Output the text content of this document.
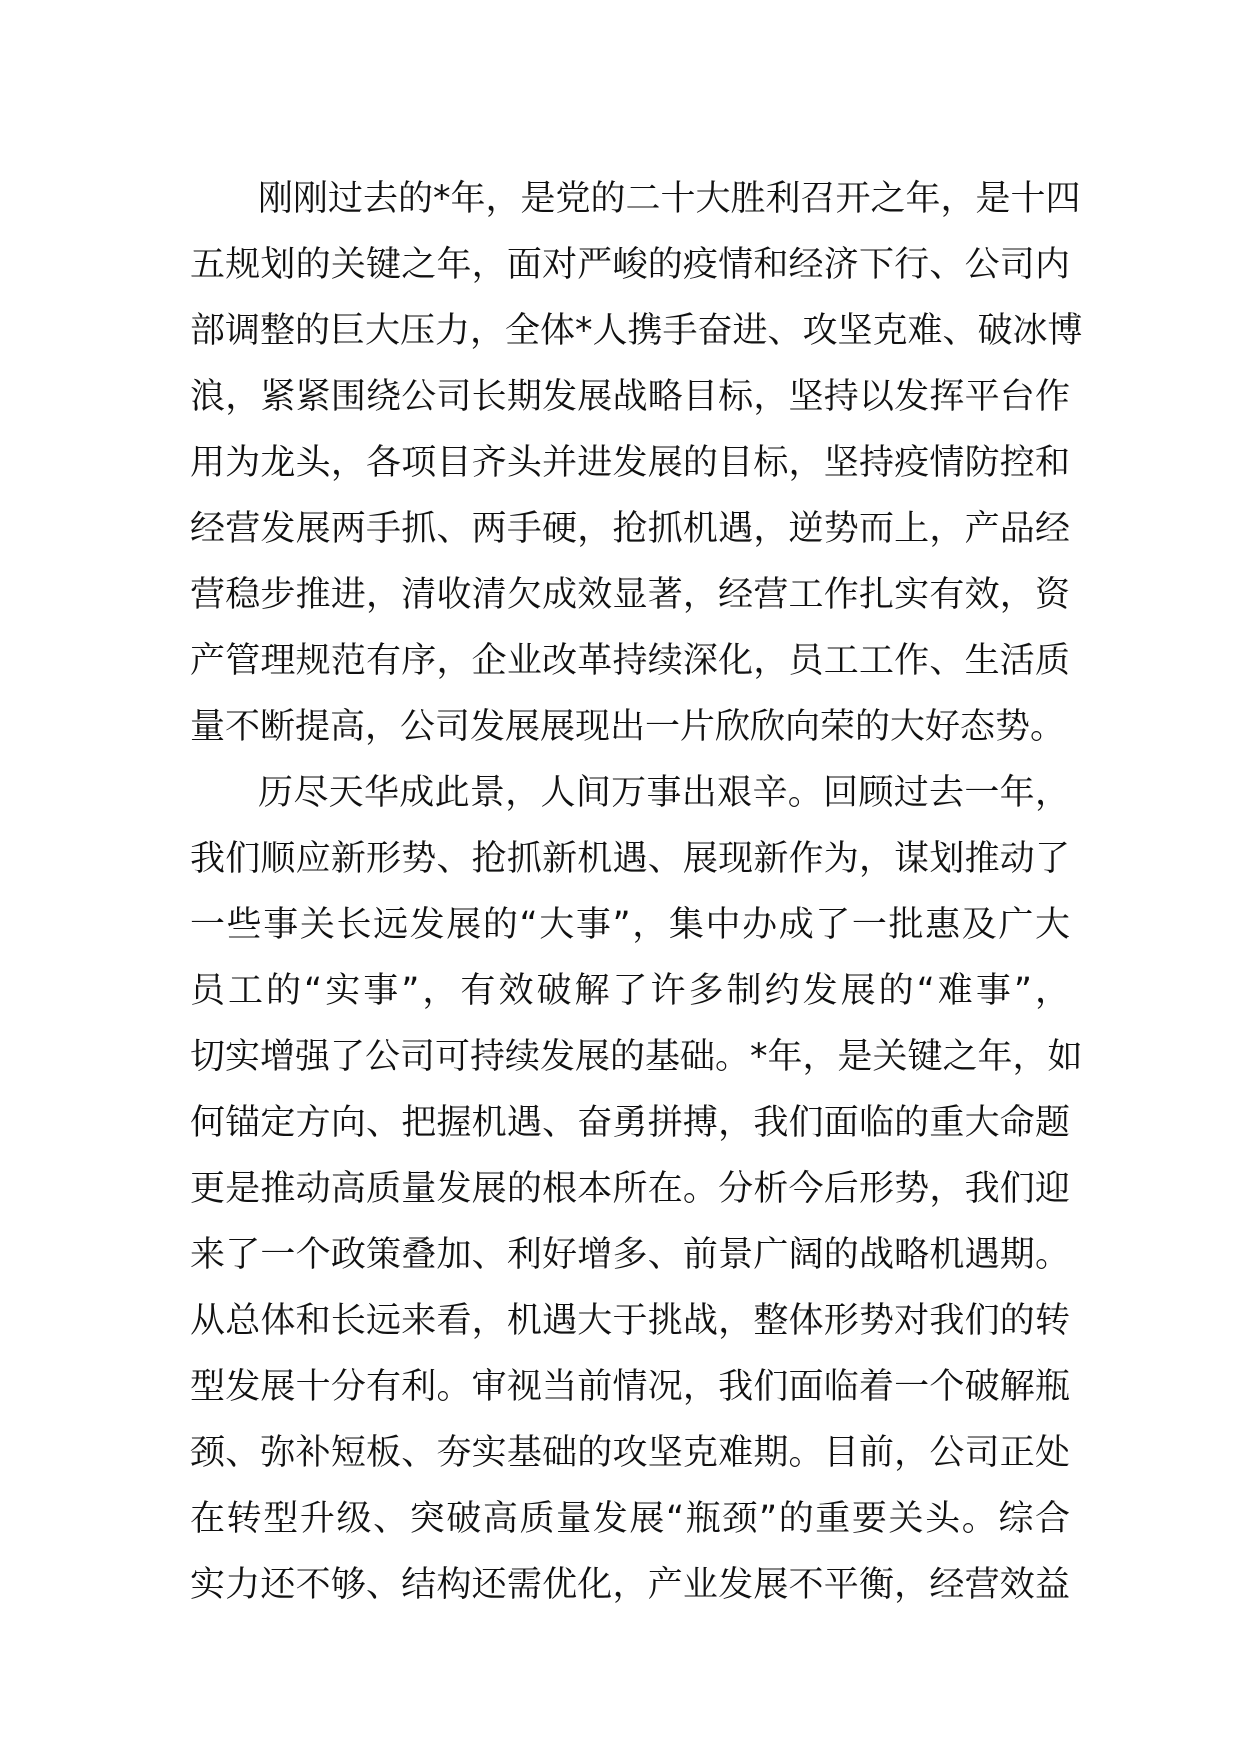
刚刚过去的*年，是党的二十大胜利召开之年，是十四
五规划的关键之年，面对严峻的疫情和经济下行、公司内
部调整的巨大压力，全体*人携手奋进、攻坚克难、破冰博
浪，紧紧围绕公司长期发展战略目标，坚持以发挥平台作
用为龙头，各项目齐头并进发展的目标，坚持疫情防控和
经营发展两手抓、两手硬，抢抓机遇，逆势而上，产品经
营稳步推进，清收清欠成效显著，经营工作扎实有效，资
产管理规范有序，企业改革持续深化，员工工作、生活质
量不断提高，公司发展展现出一片欣欣向荣的大好态势。
历尽天华成此景，人间万事出艰辛。回顾过去一年，
我们顺应新形势、抢抓新机遇、展现新作为，谋划推动了
一些事关长远发展的“大事”，集中办成了一批惠及广大
员工的“实事”，有效破解了许多制约发展的“难事”，
切实增强了公司可持续发展的基础。*年，是关键之年，如
何锚定方向、把握机遇、奋勇拼搏，我们面临的重大命题
更是推动高质量发展的根本所在。分析今后形势，我们迎
来了一个政策叠加、利好增多、前景广阔的战略机遇期。
从总体和长远来看，机遇大于挑战，整体形势对我们的转
型发展十分有利。审视当前情况，我们面临着一个破解瓶
颈、弥补短板、夯实基础的攻坚克难期。目前，公司正处
在转型升级、突破高质量发展“瓶颈”的重要关头。综合
实力还不够、结构还需优化，产业发展不平衡，经营效益
